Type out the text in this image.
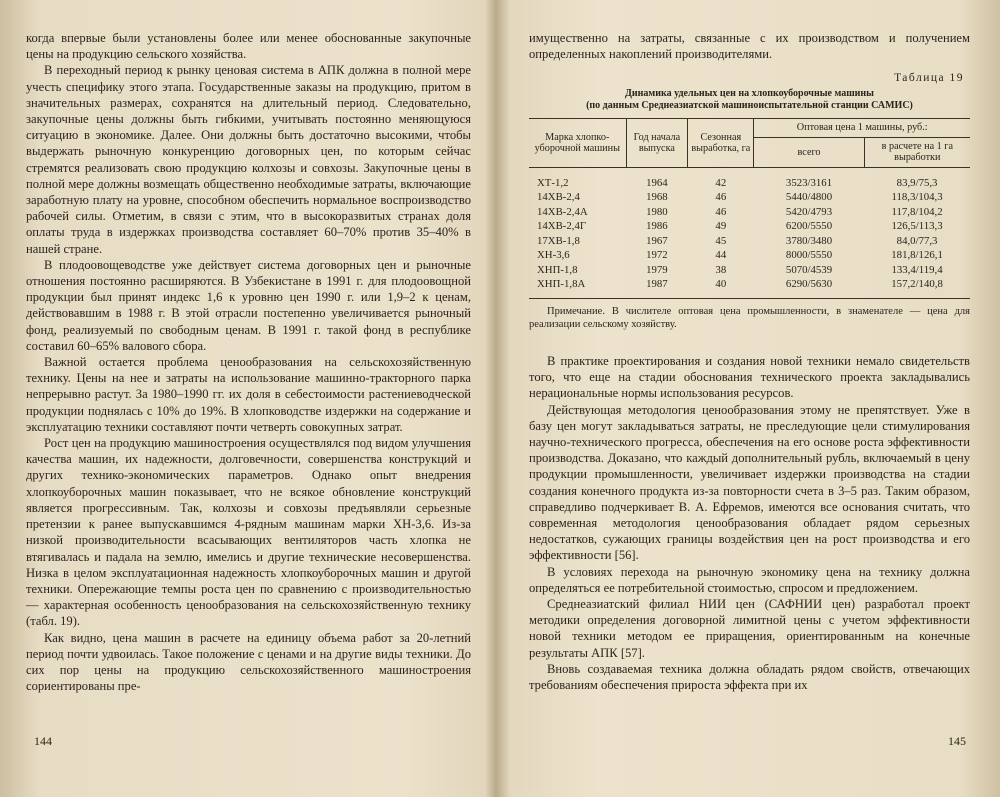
когда впервые были установлены более или менее обоснованные закупочные цены на продукцию сельского хозяйства.

В переходный период к рынку ценовая система в АПК должна в полной мере учесть специфику этого этапа. Государственные заказы на продукцию, притом в значительных размерах, сохранятся на длительный период. Следовательно, закупочные цены должны быть гибкими, учитывать постоянно меняющуюся ситуацию в экономике. Далее. Они должны быть достаточно высокими, чтобы выдержать рыночную конкуренцию договорных цен, по которым сейчас стремятся реализовать свою продукцию колхозы и совхозы. Закупочные цены в полной мере должны возмещать общественно необходимые затраты, включающие заработную плату на уровне, способном обеспечить нормальное воспроизводство рабочей силы. Отметим, в связи с этим, что в высокоразвитых странах доля оплаты труда в издержках производства составляет 60–70% против 35–40% в нашей стране.

В плодоовощеводстве уже действует система договорных цен и рыночные отношения постоянно расширяются. В Узбекистане в 1991 г. для плодоовощной продукции был принят индекс 1,6 к уровню цен 1990 г. или 1,9–2 к ценам, действовавшим в 1988 г. В этой отрасли постепенно увеличивается рыночный фонд, реализуемый по свободным ценам. В 1991 г. такой фонд в республике составил 60–65% валового сбора.

Важной остается проблема ценообразования на сельскохозяйственную технику. Цены на нее и затраты на использование машинно-тракторного парка непрерывно растут. За 1980–1990 гг. их доля в себестоимости растениеводческой продукции поднялась с 10% до 19%. В хлопководстве издержки на содержание и эксплуатацию техники составляют почти четверть совокупных затрат.

Рост цен на продукцию машиностроения осуществлялся под видом улучшения качества машин, их надежности, долговечности, совершенства конструкций и других технико-экономических параметров. Однако опыт внедрения хлопкоуборочных машин показывает, что не всякое обновление конструкций является прогрессивным. Так, колхозы и совхозы предъявляли серьезные претензии к ранее выпускавшимся 4-рядным машинам марки ХН-3,6. Из-за низкой производительности всасывающих вентиляторов часть хлопка не втягивалась и падала на землю, имелись и другие технические несовершенства. Низка в целом эксплуатационная надежность хлопкоуборочных машин и другой техники. Опережающие темпы роста цен по сравнению с производительностью — характерная особенность ценообразования на сельскохозяйственную технику (табл. 19).

Как видно, цена машин в расчете на единицу объема работ за 20-летний период почти удвоилась. Такое положение с ценами и на другие виды техники. До сих пор цены на продукцию сельскохозяйственного машиностроения сориентированы пре-

144

имущественно на затраты, связанные с их производством и получением определенных накоплений производителями.

Таблица 19
Динамика удельных цен на хлопкоуборочные машины
(по данным Среднеазиатской машиноиспытательной станции САМИС)
Марка хлопко-уборочной машины	Год начала выпуска	Сезонная выработка, га	Оптовая цена 1 машины, руб.:	
			всего	в расчете на 1 га выработки
ХТ-1,2	1964	42	3523/3161	83,9/75,3
14ХВ-2,4	1968	46	5440/4800	118,3/104,3
14ХВ-2,4А	1980	46	5420/4793	117,8/104,2
14ХВ-2,4Г	1986	49	6200/5550	126,5/113,3
17ХВ-1,8	1967	45	3780/3480	84,0/77,3
ХН-3,6	1972	44	8000/5550	181,8/126,1
ХНП-1,8	1979	38	5070/4539	133,4/119,4
ХНП-1,8А	1987	40	6290/5630	157,2/140,8

Примечание. В числителе оптовая цена промышленности, в знаменателе — цена для реализации сельскому хозяйству.

В практике проектирования и создания новой техники немало свидетельств того, что еще на стадии обоснования технического проекта закладывались нерациональные нормы использования ресурсов.

Действующая методология ценообразования этому не препятствует. Уже в базу цен могут закладываться затраты, не преследующие цели стимулирования научно-технического прогресса, обеспечения на его основе роста эффективности производства. Доказано, что каждый дополнительный рубль, включаемый в цену продукции промышленности, увеличивает издержки производства на стадии создания конечного продукта из-за повторности счета в 3–5 раз. Таким образом, справедливо подчеркивает В. А. Ефремов, имеются все основания считать, что современная методология ценообразования обладает рядом серьезных недостатков, сужающих границы воздействия цен на рост производства и его эффективности [56].

В условиях перехода на рыночную экономику цена на технику должна определяться ее потребительной стоимостью, спросом и предложением.

Среднеазиатский филиал НИИ цен (САФНИИ цен) разработал проект методики определения договорной лимитной цены с учетом эффективности новой техники методом ее приращения, ориентированным на конечные результаты АПК [57].

Вновь создаваемая техника должна обладать рядом свойств, отвечающих требованиям обеспечения прироста эффекта при их

145
